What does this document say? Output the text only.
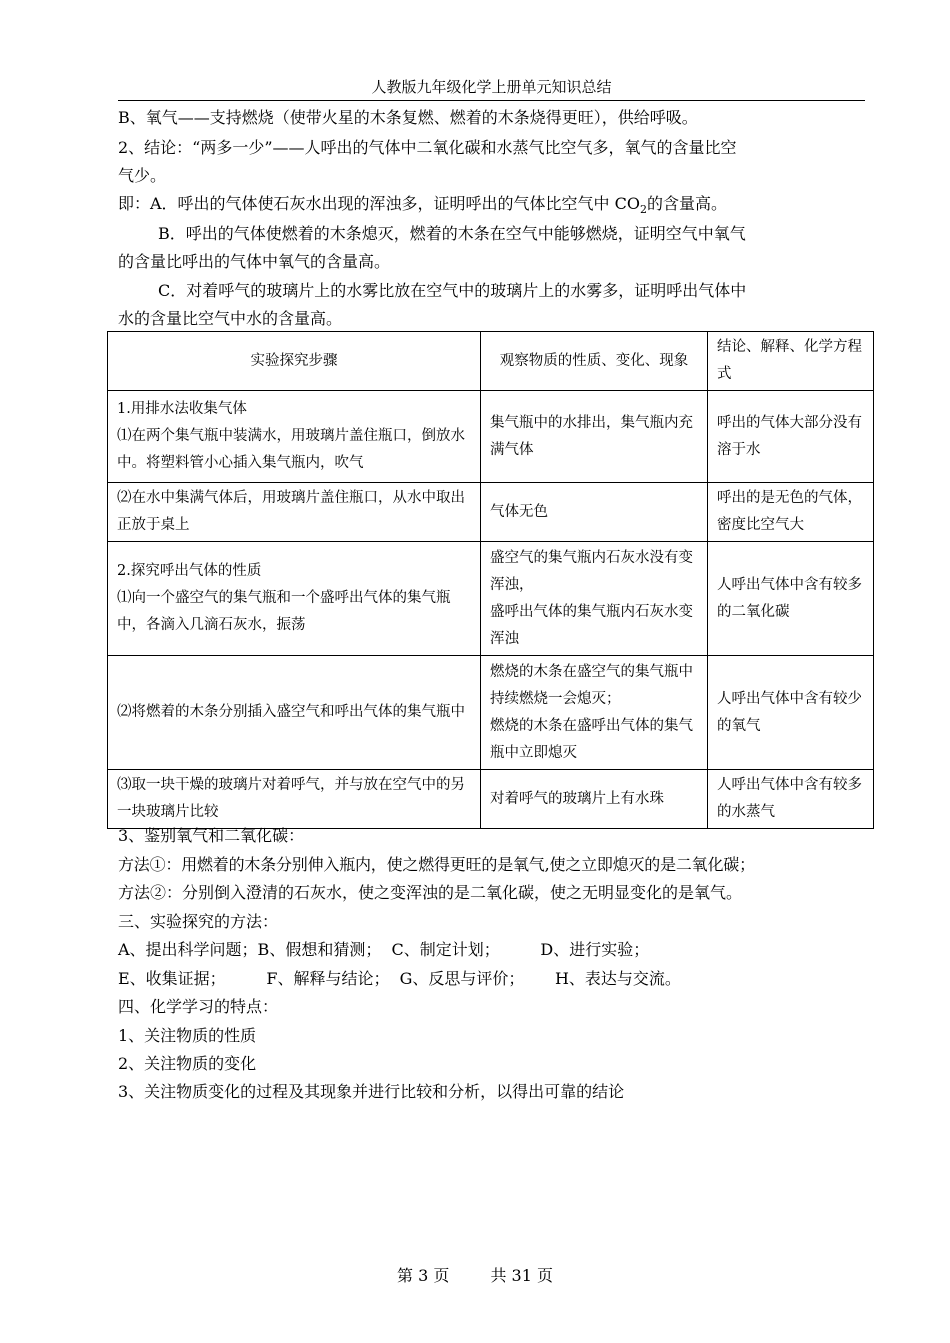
人教版九年级化学上册单元知识总结
B、氧气——支持燃烧（使带火星的木条复燃、燃着的木条烧得更旺），供给呼吸。
2、结论：“两多一少”——人呼出的气体中二氧化碳和水蒸气比空气多，氧气的含量比空
气少。
即：A．呼出的气体使石灰水出现的浑浊多，证明呼出的气体比空气中 $CO_2$的含量高。
B．呼出的气体使燃着的木条熄灭，燃着的木条在空气中能够燃烧，证明空气中氧气
的含量比呼出的气体中氧气的含量高。
C．对着呼气的玻璃片上的水雾比放在空气中的玻璃片上的水雾多，证明呼出气体中
水的含量比空气中水的含量高。
实验探究步骤	观察物质的性质、变化、现象	结论、解释、化学方程式
1.用排水法收集气体
⑴在两个集气瓶中装满水，用玻璃片盖住瓶口，倒放水中。将塑料管小心插入集气瓶内，吹气	集气瓶中的水排出，集气瓶内充满气体	呼出的气体大部分没有溶于水
⑵在水中集满气体后，用玻璃片盖住瓶口，从水中取出正放于桌上	气体无色	呼出的是无色的气体，密度比空气大
2.探究呼出气体的性质
⑴向一个盛空气的集气瓶和一个盛呼出气体的集气瓶中，各滴入几滴石灰水，振荡	盛空气的集气瓶内石灰水没有变浑浊，
盛呼出气体的集气瓶内石灰水变浑浊	人呼出气体中含有较多的二氧化碳
⑵将燃着的木条分别插入盛空气和呼出气体的集气瓶中	燃烧的木条在盛空气的集气瓶中持续燃烧一会熄灭；
燃烧的木条在盛呼出气体的集气瓶中立即熄灭	人呼出气体中含有较少的氧气
⑶取一块干燥的玻璃片对着呼气，并与放在空气中的另一块玻璃片比较	对着呼气的玻璃片上有水珠	人呼出气体中含有较多的水蒸气
3、鉴别氧气和二氧化碳：
方法①：用燃着的木条分别伸入瓶内，使之燃得更旺的是氧气,使之立即熄灭的是二氧化碳；
方法②：分别倒入澄清的石灰水，使之变浑浊的是二氧化碳，使之无明显变化的是氧气。
三、实验探究的方法：
A、提出科学问题；B、假想和猜测；  C、制定计划；        D、进行实验；
E、收集证据；        F、解释与结论；  G、反思与评价；      H、表达与交流。
四、化学学习的特点：
1、关注物质的性质
2、关注物质的变化
3、关注物质变化的过程及其现象并进行比较和分析，以得出可靠的结论
第 3 页	共 31 页
